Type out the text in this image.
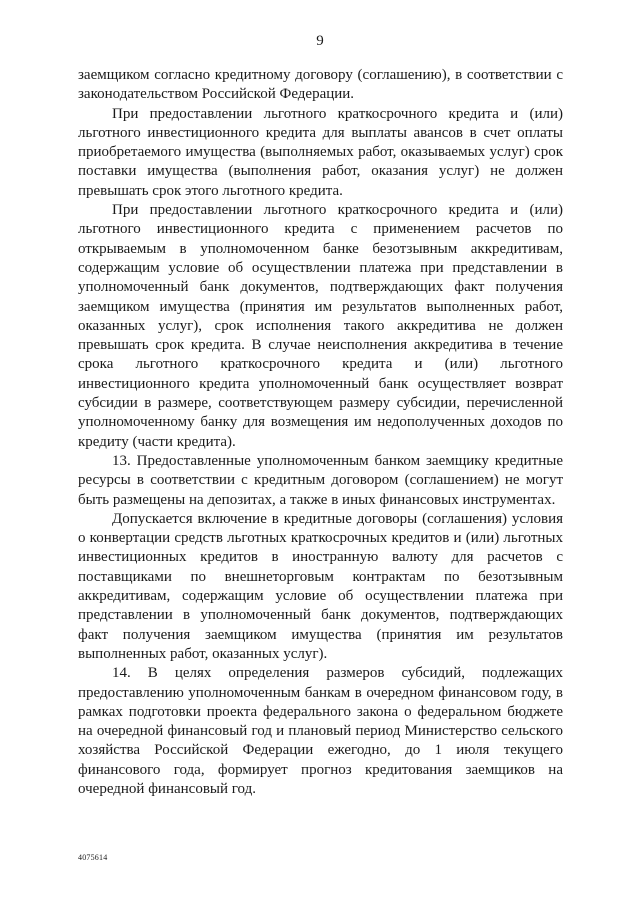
9

заемщиком согласно кредитному договору (соглашению), в соответствии с законодательством Российской Федерации.

При предоставлении льготного краткосрочного кредита и (или) льготного инвестиционного кредита для выплаты авансов в счет оплаты приобретаемого имущества (выполняемых работ, оказываемых услуг) срок поставки имущества (выполнения работ, оказания услуг) не должен превышать срок этого льготного кредита.

При предоставлении льготного краткосрочного кредита и (или) льготного инвестиционного кредита с применением расчетов по открываемым в уполномоченном банке безотзывным аккредитивам, содержащим условие об осуществлении платежа при представлении в уполномоченный банк документов, подтверждающих факт получения заемщиком имущества (принятия им результатов выполненных работ, оказанных услуг), срок исполнения такого аккредитива не должен превышать срок кредита. В случае неисполнения аккредитива в течение срока льготного краткосрочного кредита и (или) льготного инвестиционного кредита уполномоченный банк осуществляет возврат субсидии в размере, соответствующем размеру субсидии, перечисленной уполномоченному банку для возмещения им недополученных доходов по кредиту (части кредита).

13. Предоставленные уполномоченным банком заемщику кредитные ресурсы в соответствии с кредитным договором (соглашением) не могут быть размещены на депозитах, а также в иных финансовых инструментах.

Допускается включение в кредитные договоры (соглашения) условия о конвертации средств льготных краткосрочных кредитов и (или) льготных инвестиционных кредитов в иностранную валюту для расчетов с поставщиками по внешнеторговым контрактам по безотзывным аккредитивам, содержащим условие об осуществлении платежа при представлении в уполномоченный банк документов, подтверждающих факт получения заемщиком имущества (принятия им результатов выполненных работ, оказанных услуг).

14. В целях определения размеров субсидий, подлежащих предоставлению уполномоченным банкам в очередном финансовом году, в рамках подготовки проекта федерального закона о федеральном бюджете на очередной финансовый год и плановый период Министерство сельского хозяйства Российской Федерации ежегодно, до 1 июля текущего финансового года, формирует прогноз кредитования заемщиков на очередной финансовый год.

4075614
